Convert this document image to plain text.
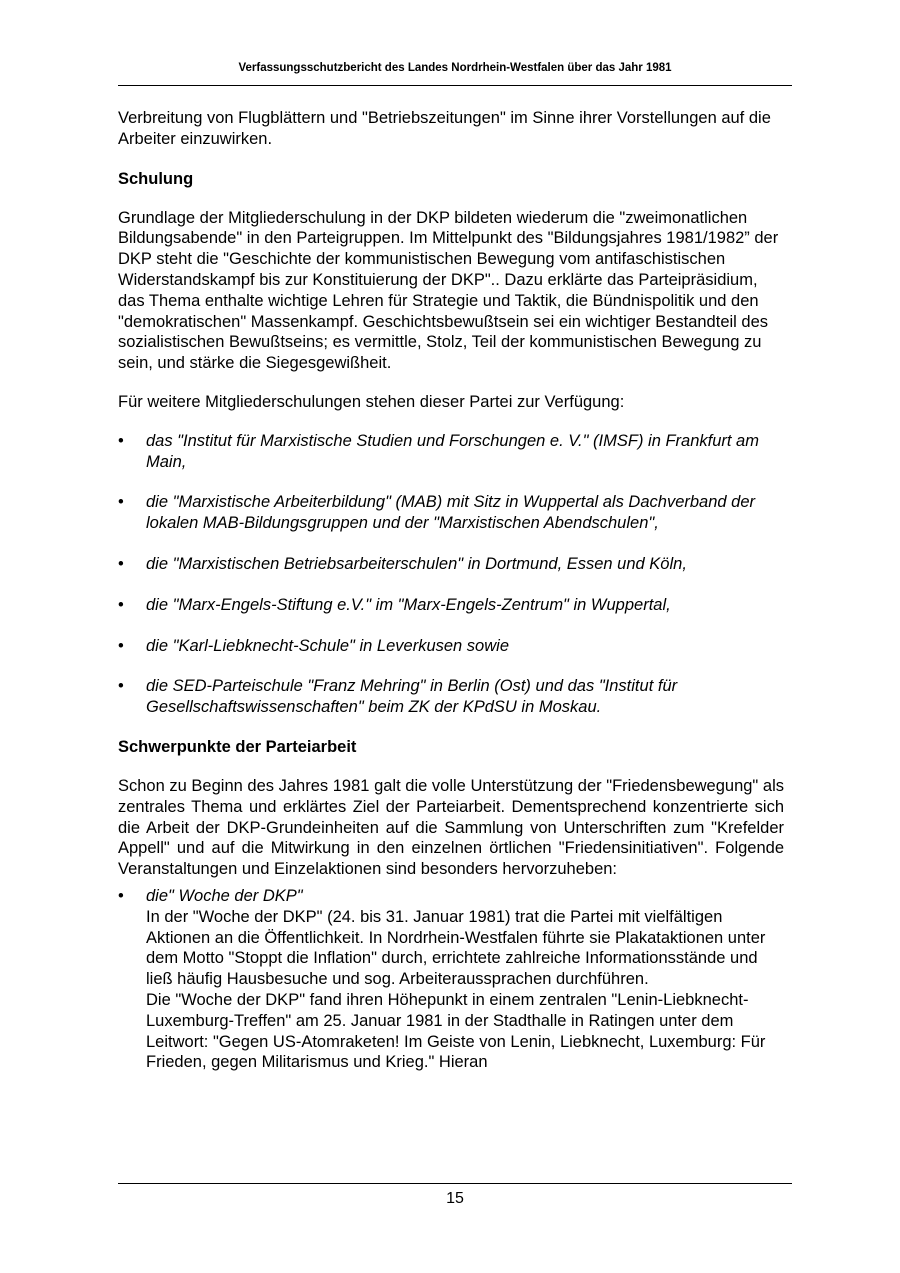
Verfassungsschutzbericht des Landes Nordrhein-Westfalen über das Jahr 1981

Verbreitung von Flugblättern und "Betriebszeitungen" im Sinne ihrer Vorstellungen auf die Arbeiter einzuwirken.

Schulung

Grundlage der Mitgliederschulung in der DKP bildeten wiederum die "zweimonatlichen Bildungsabende" in den Parteigruppen. Im Mittelpunkt des "Bildungsjahres 1981/1982” der DKP steht die "Geschichte der kommunistischen Bewegung vom antifaschistischen Widerstandskampf bis zur Konstituierung der DKP".. Dazu erklärte das Parteipräsidium, das Thema enthalte wichtige Lehren für Strategie und Taktik, die Bündnispolitik und den "demokratischen" Massenkampf. Geschichtsbewußtsein sei ein wichtiger Bestandteil des sozialistischen Bewußtseins; es vermittle, Stolz, Teil der kommunistischen Bewegung zu sein, und stärke die Siegesgewißheit.

Für weitere Mitgliederschulungen stehen dieser Partei zur Verfügung:

•	das "Institut für Marxistische Studien und Forschungen e. V." (IMSF) in Frankfurt am Main,
•	die "Marxistische Arbeiterbildung" (MAB) mit Sitz in Wuppertal als Dachverband der lokalen MAB-Bildungsgruppen und der "Marxistischen Abendschulen",
•	die "Marxistischen Betriebsarbeiterschulen" in Dortmund, Essen und Köln,
•	die "Marx-Engels-Stiftung e.V." im "Marx-Engels-Zentrum" in Wuppertal,
•	die "Karl-Liebknecht-Schule" in Leverkusen sowie
•	die SED-Parteischule "Franz Mehring" in Berlin (Ost) und das "Institut für Gesellschaftswissenschaften" beim ZK der KPdSU in Moskau.
Schwerpunkte der Parteiarbeit

Schon zu Beginn des Jahres 1981 galt die volle Unterstützung der "Friedensbewegung" als zentrales Thema und erklärtes Ziel der Parteiarbeit. Dementsprechend konzentrierte sich die Arbeit der DKP-Grundeinheiten auf die Sammlung von Unterschriften zum "Krefelder Appell" und auf die Mitwirkung in den einzelnen örtlichen "Friedensinitiativen". Folgende Veranstaltungen und Einzelaktionen sind besonders hervorzuheben:

•	die" Woche der DKP"
In der "Woche der DKP" (24. bis 31. Januar 1981) trat die Partei mit vielfältigen Aktionen an die Öffentlichkeit. In Nordrhein-Westfalen führte sie Plakataktionen unter dem Motto "Stoppt die Inflation" durch, errichtete zahlreiche Informationsstände und ließ häufig Hausbesuche und sog. Arbeiteraussprachen durchführen.
Die "Woche der DKP" fand ihren Höhepunkt in einem zentralen "Lenin-Liebknecht-Luxemburg-Treffen" am 25. Januar 1981 in der Stadthalle in Ratingen unter dem Leitwort: "Gegen US-Atomraketen! Im Geiste von Lenin, Liebknecht, Luxemburg: Für Frieden, gegen Militarismus und Krieg." Hieran
15
